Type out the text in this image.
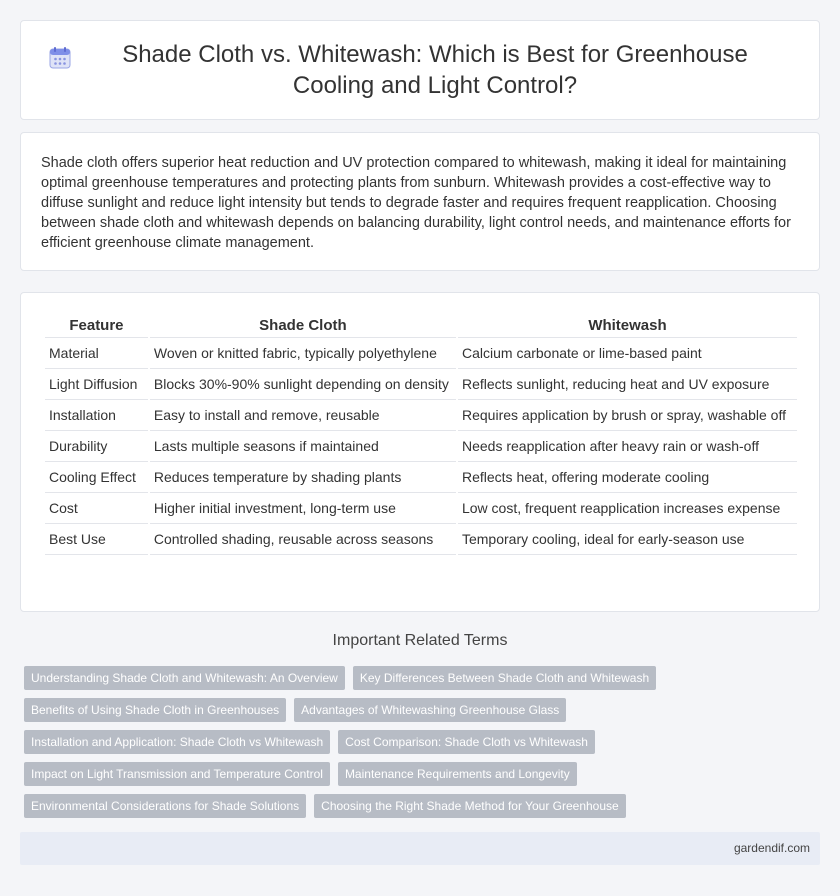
Shade Cloth vs. Whitewash: Which is Best for Greenhouse Cooling and Light Control?

Shade cloth offers superior heat reduction and UV protection compared to whitewash, making it ideal for maintaining optimal greenhouse temperatures and protecting plants from sunburn. Whitewash provides a cost-effective way to diffuse sunlight and reduce light intensity but tends to degrade faster and requires frequent reapplication. Choosing between shade cloth and whitewash depends on balancing durability, light control needs, and maintenance efforts for efficient greenhouse climate management.

Feature	Shade Cloth	Whitewash
Material	Woven or knitted fabric, typically polyethylene	Calcium carbonate or lime-based paint
Light Diffusion	Blocks 30%-90% sunlight depending on density	Reflects sunlight, reducing heat and UV exposure
Installation	Easy to install and remove, reusable	Requires application by brush or spray, washable off
Durability	Lasts multiple seasons if maintained	Needs reapplication after heavy rain or wash-off
Cooling Effect	Reduces temperature by shading plants	Reflects heat, offering moderate cooling
Cost	Higher initial investment, long-term use	Low cost, frequent reapplication increases expense
Best Use	Controlled shading, reusable across seasons	Temporary cooling, ideal for early-season use
Important Related Terms
Understanding Shade Cloth and Whitewash: An Overview	Key Differences Between Shade Cloth and Whitewash
Benefits of Using Shade Cloth in Greenhouses	Advantages of Whitewashing Greenhouse Glass
Installation and Application: Shade Cloth vs Whitewash	Cost Comparison: Shade Cloth vs Whitewash
Impact on Light Transmission and Temperature Control	Maintenance Requirements and Longevity
Environmental Considerations for Shade Solutions	Choosing the Right Shade Method for Your Greenhouse
gardendif.com
